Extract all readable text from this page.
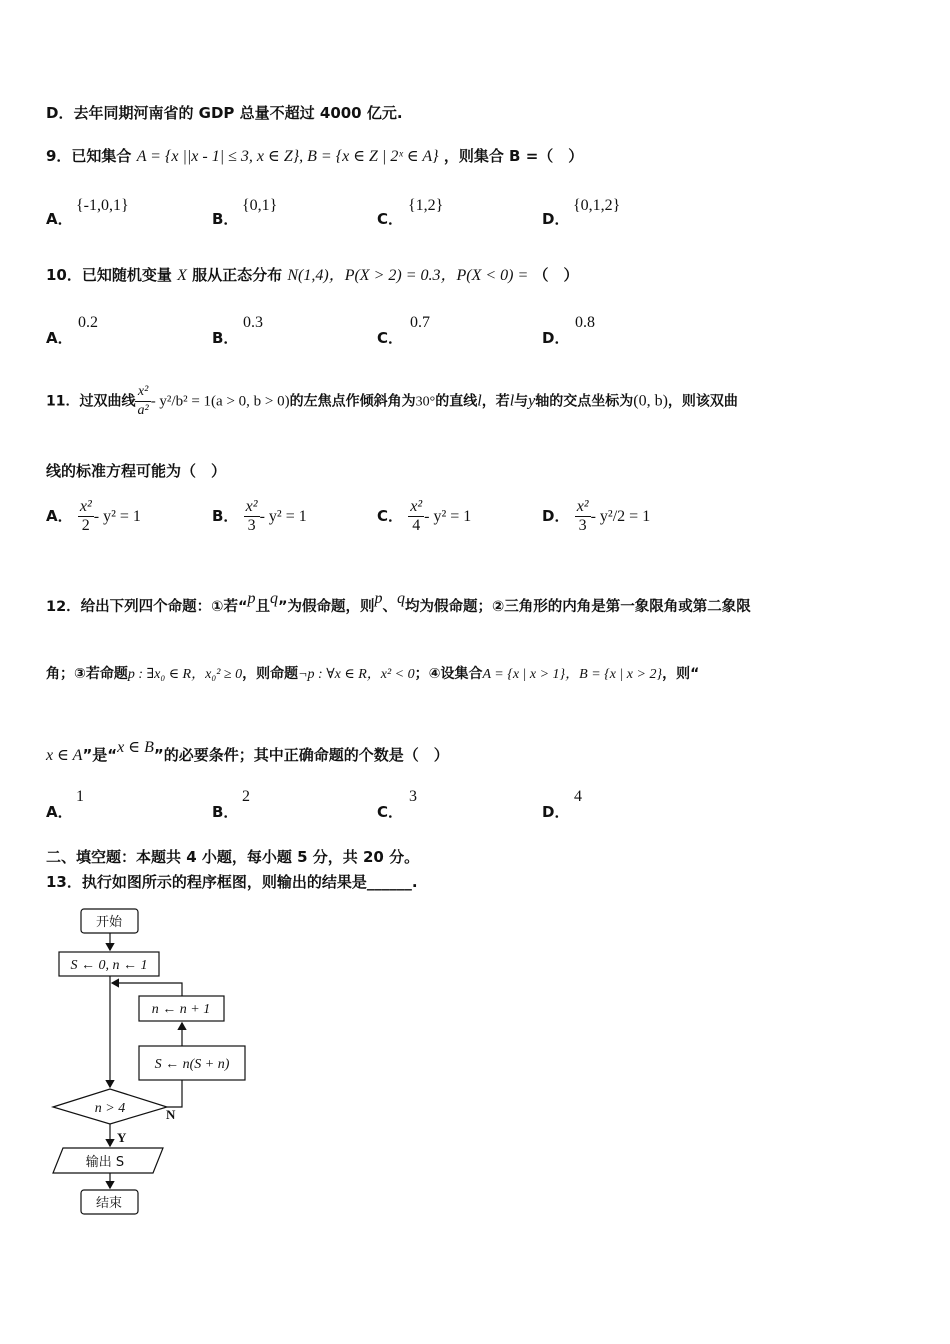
D．去年同期河南省的 GDP 总量不超过 4000 亿元.
9．已知集合 A = {x ||x - 1| ≤ 3, x ∈ Z}, B = {x ∈ Z | 2ˣ ∈ A} ，则集合 B =（　）
A．
{-1,0,1}
B．
{0,1}
C．
{1,2}
D．
{0,1,2}
10．已知随机变量 X 服从正态分布 N(1,4)，P(X > 2) = 0.3，P(X < 0) = （　）
A．
0.2
B．
0.3
C．
0.7
D．
0.8
11．过双曲线 $\frac{\text{x²}}{\text{a²}} - y^2/b^2 = 1(a > 0$, b > 0)的左焦点作倾斜角为30°的直线l，若l与y轴的交点坐标为(0, b)，则该双曲
线的标准方程可能为（　）
A． $\frac{\text{x²}}{2} - y^2 = 1$	B． $\frac{\text{x²}}{3} - y^2 = 1$	C． $\frac{\text{x²}}{4} - y^2 = 1$	D． $\frac{\text{x²}}{3} - y^2/2 = 1$
12．给出下列四个命题：①若“p且q”为假命题，则p、q均为假命题；②三角形的内角是第一象限角或第二象限
角；③若命题p : ∃x₀ ∈ R，x₀² ≥ 0，则命题¬p : ∀x ∈ R，x² < 0；④设集合A = {x | x > 1}，B = {x | x > 2}，则“
x ∈ A”是“x ∈ B”的必要条件；其中正确命题的个数是（　）
A．
1
B．
2
C．
3
D．
4
二、填空题：本题共 4 小题，每小题 5 分，共 20 分。
13．执行如图所示的程序框图，则输出的结果是______.
开始
S ← 0, n ← 1
n ← n + 1
S ← n(S + n)
n > 4	N
Y
输出 S
结束
